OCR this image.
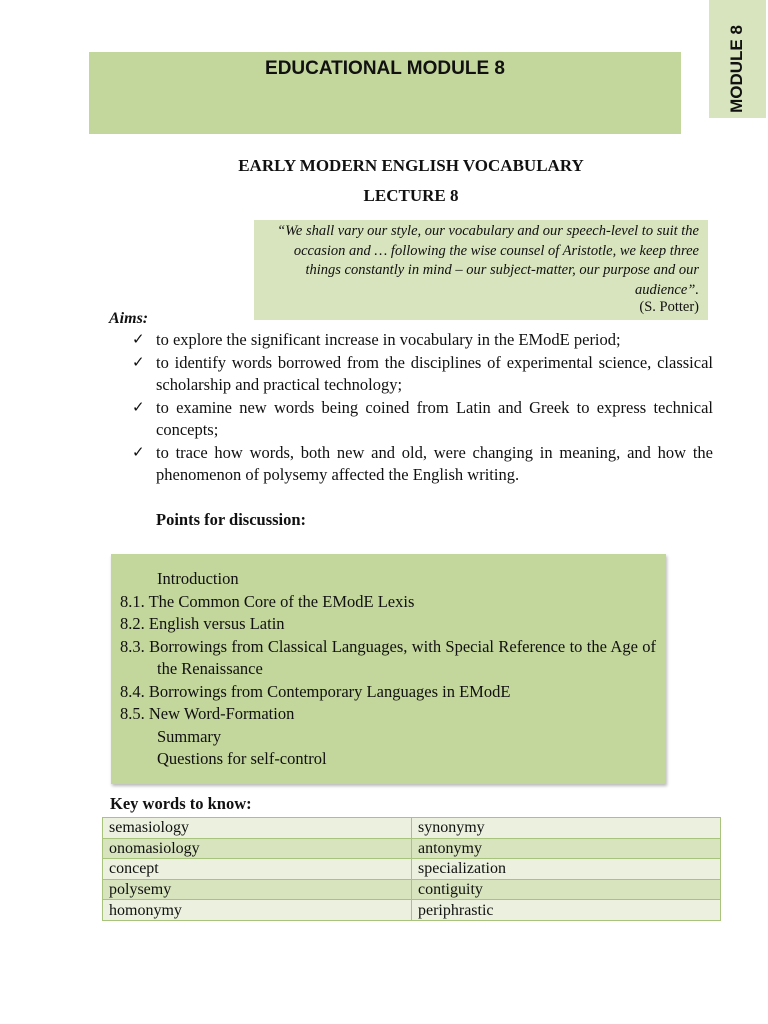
MODULE 8
EDUCATIONAL MODULE 8
EARLY MODERN ENGLISH VOCABULARY
LECTURE 8
“We shall vary our style, our vocabulary and our speech-level to suit the occasion and … following the wise counsel of Aristotle, we keep three things constantly in mind – our subject-matter, our purpose and our audience”.
(S. Potter)
Aims:
✓ to explore the significant increase in vocabulary in the EModE period;
✓ to identify words borrowed from the disciplines of experimental science, classical scholarship and practical technology;
✓ to examine new words being coined from Latin and Greek to express technical concepts;
✓ to trace how words, both new and old, were changing in meaning, and how the phenomenon of polysemy affected the English writing.
Points for discussion:
Introduction
8.1. The Common Core of the EModE Lexis
8.2. English versus Latin
8.3. Borrowings from Classical Languages, with Special Reference to the Age of the Renaissance
8.4. Borrowings from Contemporary Languages in EModE
8.5. New Word-Formation
Summary
Questions for self-control
Key words to know:
semasiology	synonymy
onomasiology	antonymy
concept	specialization
polysemy	contiguity
homonymy	periphrastic
